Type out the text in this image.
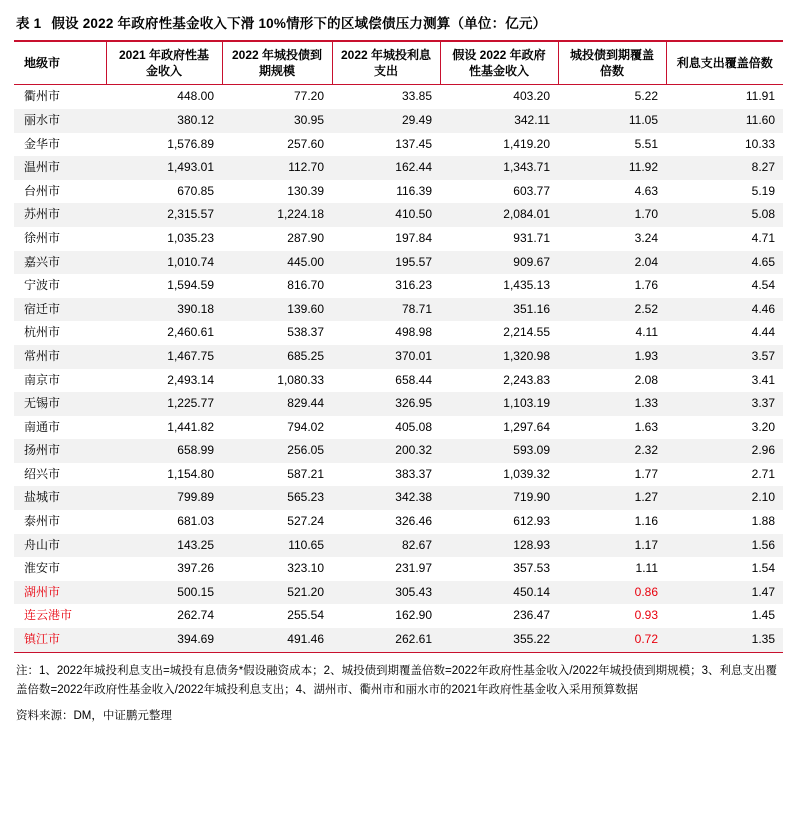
表 1 假设 2022 年政府性基金收入下滑 10%情形下的区域偿债压力测算（单位：亿元）
地级市	2021 年政府性基金收入	2022 年城投债到期规模	2022 年城投利息支出	假设 2022 年政府性基金收入	城投债到期覆盖倍数	利息支出覆盖倍数
衢州市	448.00	77.20	33.85	403.20	5.22	11.91
丽水市	380.12	30.95	29.49	342.11	11.05	11.60
金华市	1,576.89	257.60	137.45	1,419.20	5.51	10.33
温州市	1,493.01	112.70	162.44	1,343.71	11.92	8.27
台州市	670.85	130.39	116.39	603.77	4.63	5.19
苏州市	2,315.57	1,224.18	410.50	2,084.01	1.70	5.08
徐州市	1,035.23	287.90	197.84	931.71	3.24	4.71
嘉兴市	1,010.74	445.00	195.57	909.67	2.04	4.65
宁波市	1,594.59	816.70	316.23	1,435.13	1.76	4.54
宿迁市	390.18	139.60	78.71	351.16	2.52	4.46
杭州市	2,460.61	538.37	498.98	2,214.55	4.11	4.44
常州市	1,467.75	685.25	370.01	1,320.98	1.93	3.57
南京市	2,493.14	1,080.33	658.44	2,243.83	2.08	3.41
无锡市	1,225.77	829.44	326.95	1,103.19	1.33	3.37
南通市	1,441.82	794.02	405.08	1,297.64	1.63	3.20
扬州市	658.99	256.05	200.32	593.09	2.32	2.96
绍兴市	1,154.80	587.21	383.37	1,039.32	1.77	2.71
盐城市	799.89	565.23	342.38	719.90	1.27	2.10
泰州市	681.03	527.24	326.46	612.93	1.16	1.88
舟山市	143.25	110.65	82.67	128.93	1.17	1.56
淮安市	397.26	323.10	231.97	357.53	1.11	1.54
湖州市	500.15	521.20	305.43	450.14	0.86	1.47
连云港市	262.74	255.54	162.90	236.47	0.93	1.45
镇江市	394.69	491.46	262.61	355.22	0.72	1.35
注：1、2022年城投利息支出=城投有息债务*假设融资成本；2、城投债到期覆盖倍数=2022年政府性基金收入/2022年城投债到期规模；3、利息支出覆盖倍数=2022年政府性基金收入/2022年城投利息支出；4、湖州市、衢州市和丽水市的2021年政府性基金收入采用预算数据
资料来源：DM，中证鹏元整理
